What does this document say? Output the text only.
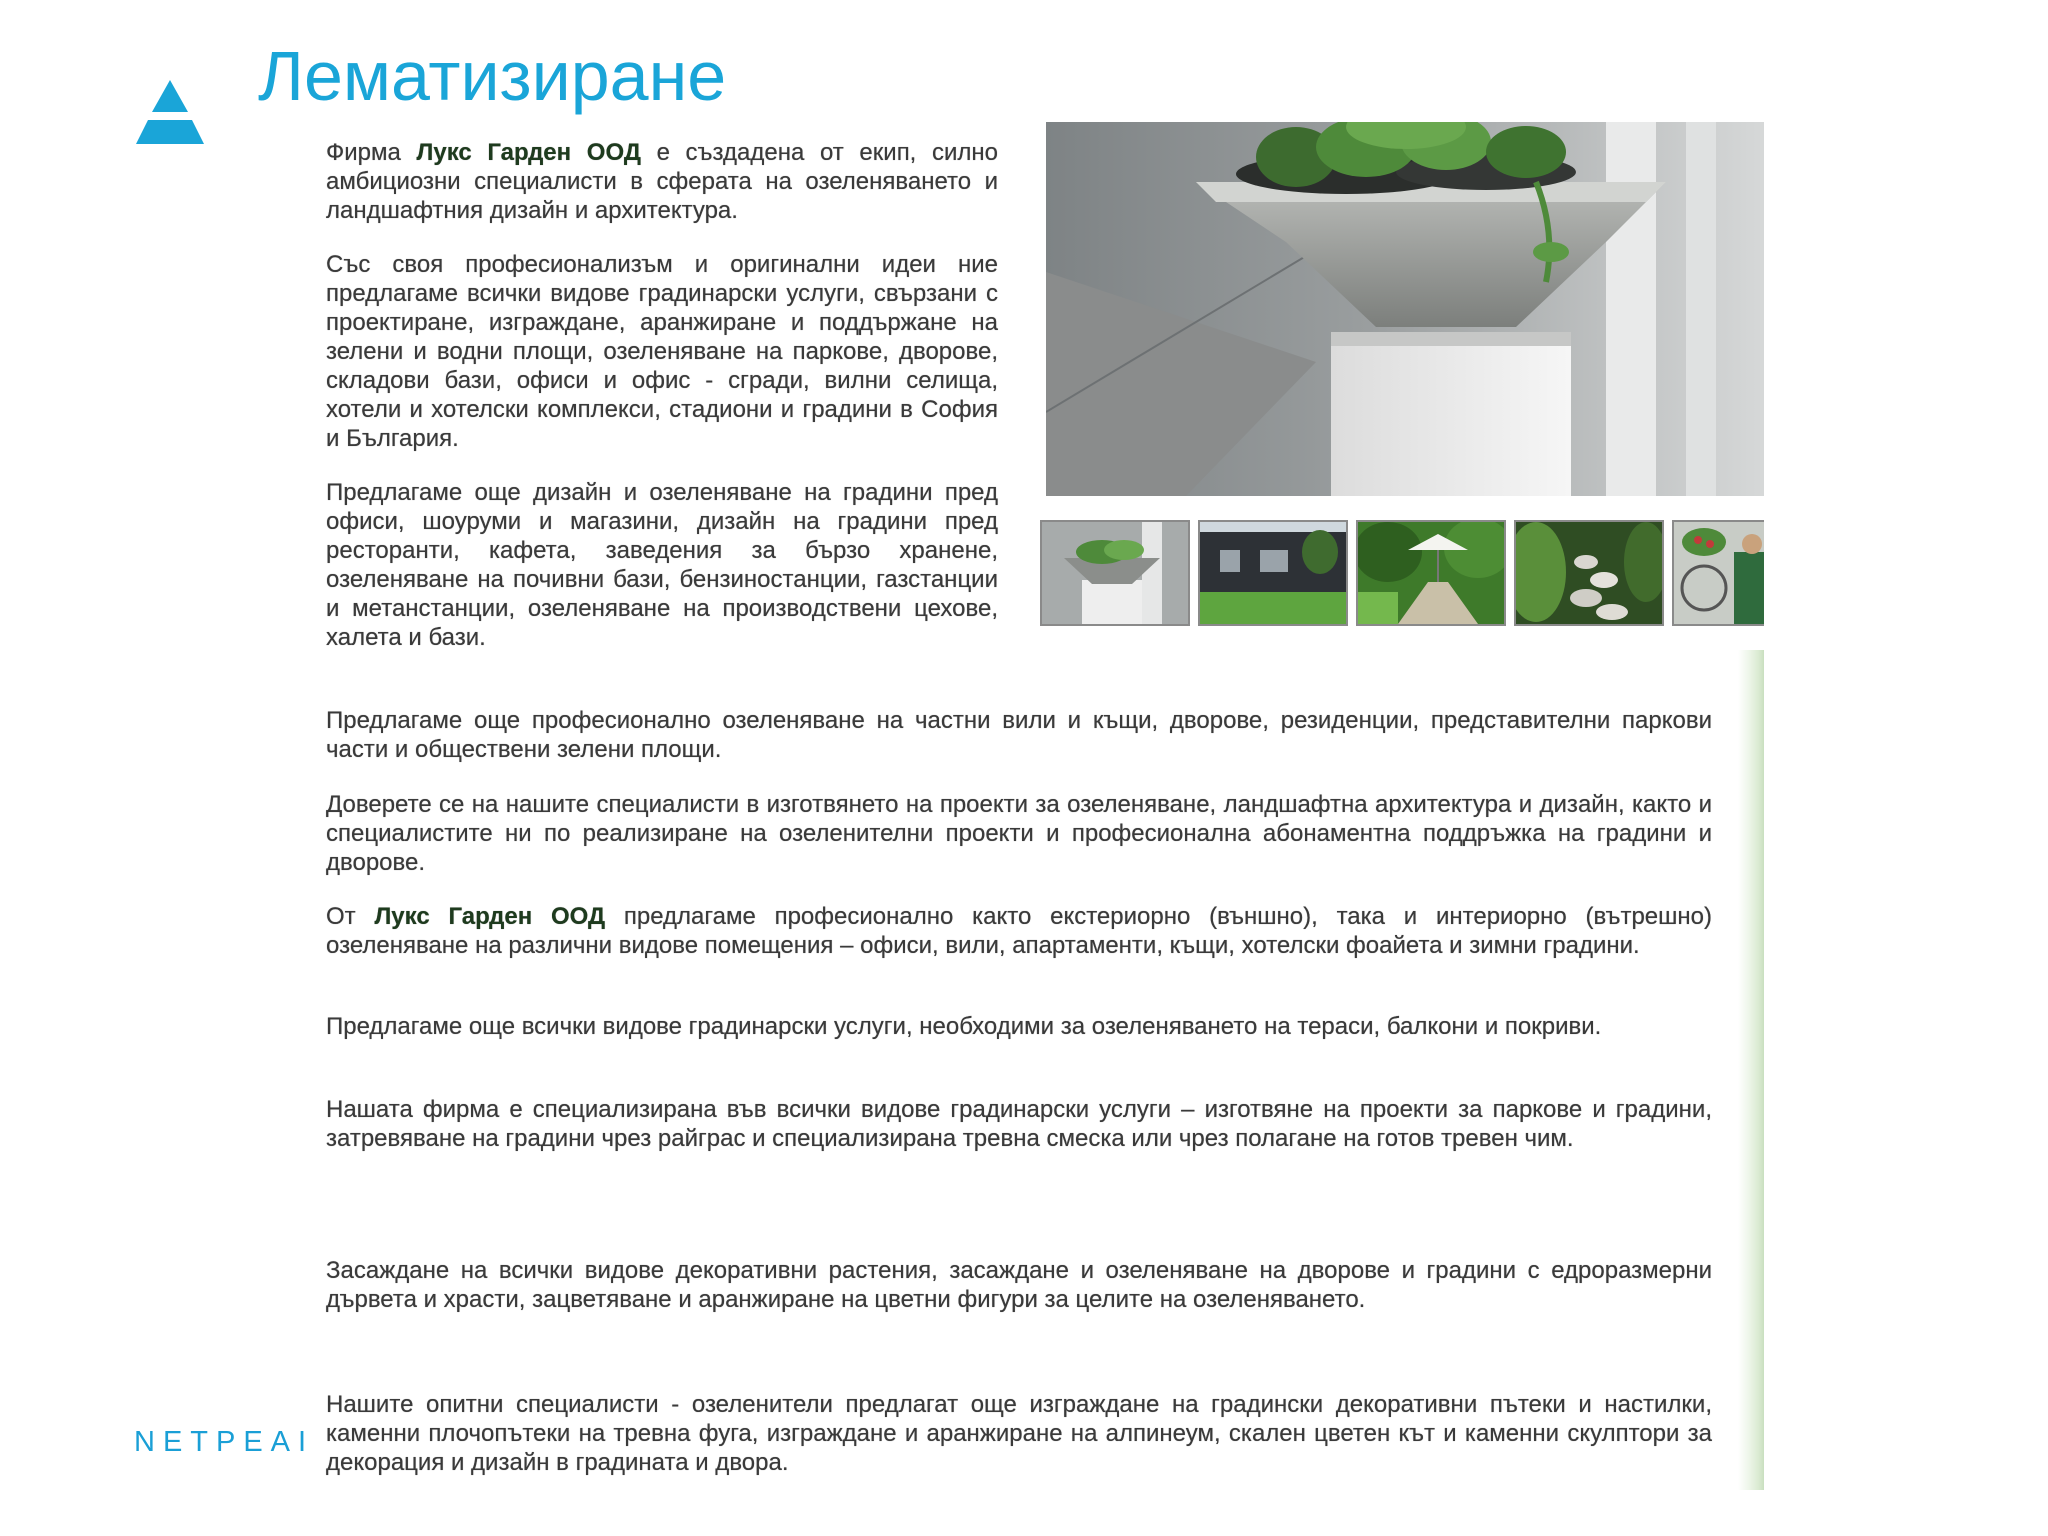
Лематизиране
NETPEAI

Фирма Лукс Гарден ООД е създадена от екип, силно амбициозни специалисти в сферата на озеленяването и ландшафтния дизайн и архитектура.

Със своя професионализъм и оригинални идеи ние предлагаме всички видове градинарски услуги, свързани с проектиране, изграждане, аранжиране и поддържане на зелени и водни площи, озеленяване на паркове, дворове, складови бази, офиси и офис - сгради, вилни селища, хотели и хотелски комплекси, стадиони и градини в София и България.

Предлагаме още дизайн и озеленяване на градини пред офиси, шоуруми и магазини, дизайн на градини пред ресторанти, кафета, заведения за бързо хранене, озеленяване на почивни бази, бензиностанции, газстанции и метанстанции, озеленяване на производствени цехове, халета и бази.

Предлагаме още професионално озеленяване на частни вили и къщи, дворове, резиденции, представителни паркови части и обществени зелени площи.

Доверете се на нашите специалисти в изготвянето на проекти за озеленяване, ландшафтна архитектура и дизайн, както и специалистите ни по реализиране на озеленителни проекти и професионална абонаментна поддръжка на градини и дворове.

От Лукс Гарден ООД предлагаме професионално както екстериорно (външно), така и интериорно (вътрешно) озеленяване на различни видове помещения – офиси, вили, апартаменти, къщи, хотелски фоайета и зимни градини.

Предлагаме още всички видове градинарски услуги, необходими за озеленяването на тераси, балкони и покриви.

Нашата фирма е специализирана във всички видове градинарски услуги – изготвяне на проекти за паркове и градини, затревяване на градини чрез райграс и специализирана тревна смеска или чрез полагане на готов тревен чим.

Засаждане на всички видове декоративни растения, засаждане и озеленяване на дворове и градини с едроразмерни дървета и храсти, зацветяване и аранжиране на цветни фигури за целите на озеленяването.

Нашите опитни специалисти - озеленители предлагат още изграждане на градински декоративни пътеки и настилки, каменни плочопътеки на тревна фуга, изграждане и аранжиране на алпинеум, скален цветен кът и каменни скулптори за декорация и дизайн в градината и двора.
